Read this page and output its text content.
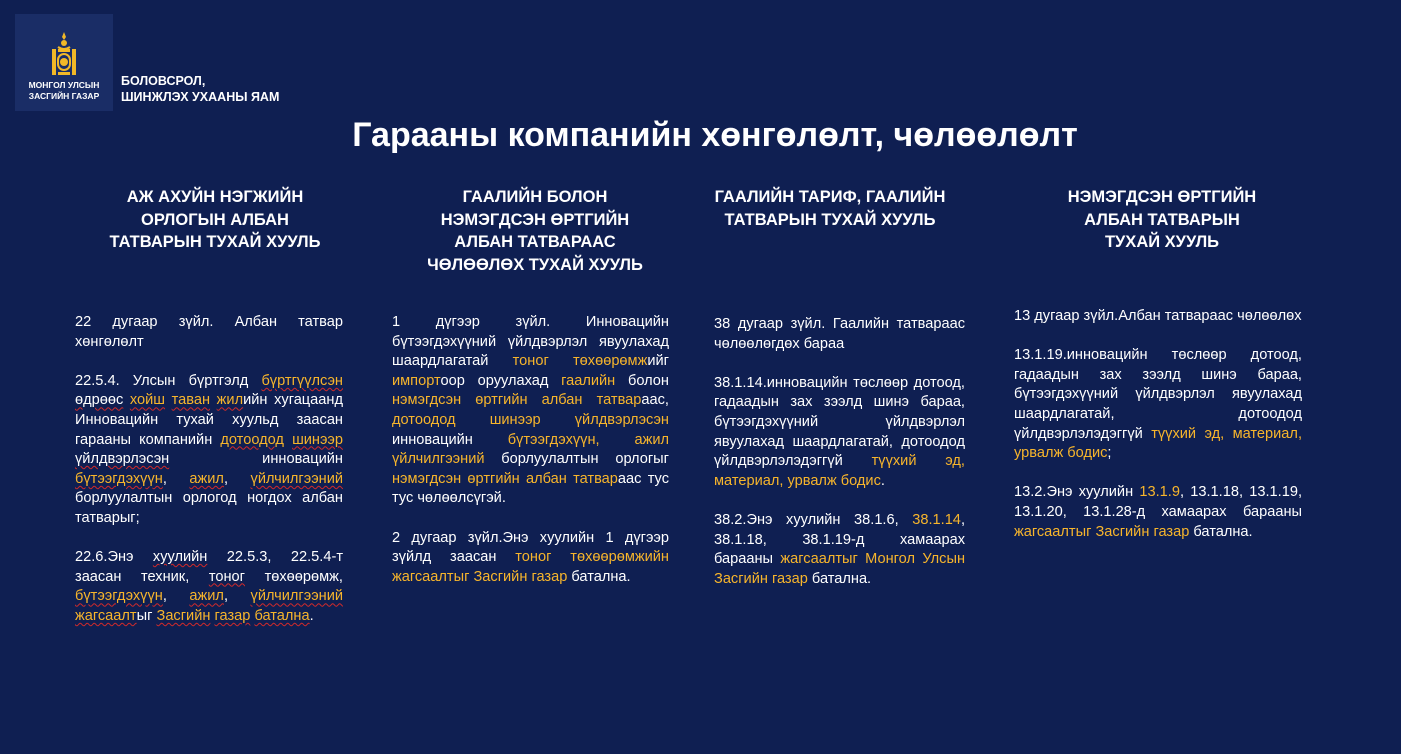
МОНГОЛ УЛСЫН
ЗАСГИЙН ГАЗАР
БОЛОВСРОЛ,
ШИНЖЛЭХ УХААНЫ ЯАМ
Гарааны компанийн хөнгөлөлт, чөлөөлөлт
АЖ АХУЙН НЭГЖИЙН
ОРЛОГЫН АЛБАН
ТАТВАРЫН ТУХАЙ ХУУЛЬ
ГААЛИЙН БОЛОН
НЭМЭГДСЭН ӨРТГИЙН
АЛБАН ТАТВАРААС
ЧӨЛӨӨЛӨХ ТУХАЙ ХУУЛЬ
ГААЛИЙН ТАРИФ, ГААЛИЙН
ТАТВАРЫН ТУХАЙ ХУУЛЬ
НЭМЭГДСЭН ӨРТГИЙН
АЛБАН ТАТВАРЫН
ТУХАЙ ХУУЛЬ

22 дугаар зүйл. Албан татвар хөнгөлөлт

22.5.4. Улсын бүртгэлд бүртгүүлсэн өдрөөс хойш таван жилийн хугацаанд Инновацийн тухай хуульд заасан гарааны компанийн дотоодод шинээр үйлдвэрлэсэн инновацийн бүтээгдэхүүн, ажил, үйлчилгээний борлуулалтын орлогод ногдох албан татварыг;

22.6.Энэ хуулийн 22.5.3, 22.5.4-т заасан техник, тоног төхөөрөмж, бүтээгдэхүүн, ажил, үйлчилгээний жагсаалтыг Засгийн газар батална.

1 дүгээр зүйл. Инновацийн бүтээгдэхүүний үйлдвэрлэл явуулахад шаардлагатай тоног төхөөрөмжийг импортоор оруулахад гаалийн болон нэмэгдсэн өртгийн албан татвараас, дотоодод шинээр үйлдвэрлэсэн инновацийн бүтээгдэхүүн, ажил үйлчилгээний борлуулалтын орлогыг нэмэгдсэн өртгийн албан татвараас тус тус чөлөөлсүгэй.

2 дугаар зүйл.Энэ хуулийн 1 дүгээр зүйлд заасан тоног төхөөрөмжийн жагсаалтыг Засгийн газар батална.

38 дугаар зүйл. Гаалийн татвараас чөлөөлөгдөх бараа

38.1.14.инновацийн төслөөр дотоод, гадаадын зах зээлд шинэ бараа, бүтээгдэхүүний үйлдвэрлэл явуулахад шаардлагатай, дотоодод үйлдвэрлэлэдэггүй түүхий эд, материал, урвалж бодис.

38.2.Энэ хуулийн 38.1.6, 38.1.14, 38.1.18, 38.1.19-д хамаарах барааны жагсаалтыг Монгол Улсын Засгийн газар батална.

13 дугаар зүйл.Албан татвараас чөлөөлөх

13.1.19.инновацийн төслөөр дотоод, гадаадын зах зээлд шинэ бараа, бүтээгдэхүүний үйлдвэрлэл явуулахад шаардлагатай, дотоодод үйлдвэрлэлэдэггүй түүхий эд, материал, урвалж бодис;

13.2.Энэ хуулийн 13.1.9, 13.1.18, 13.1.19, 13.1.20, 13.1.28-д хамаарах барааны жагсаалтыг Засгийн газар батална.
